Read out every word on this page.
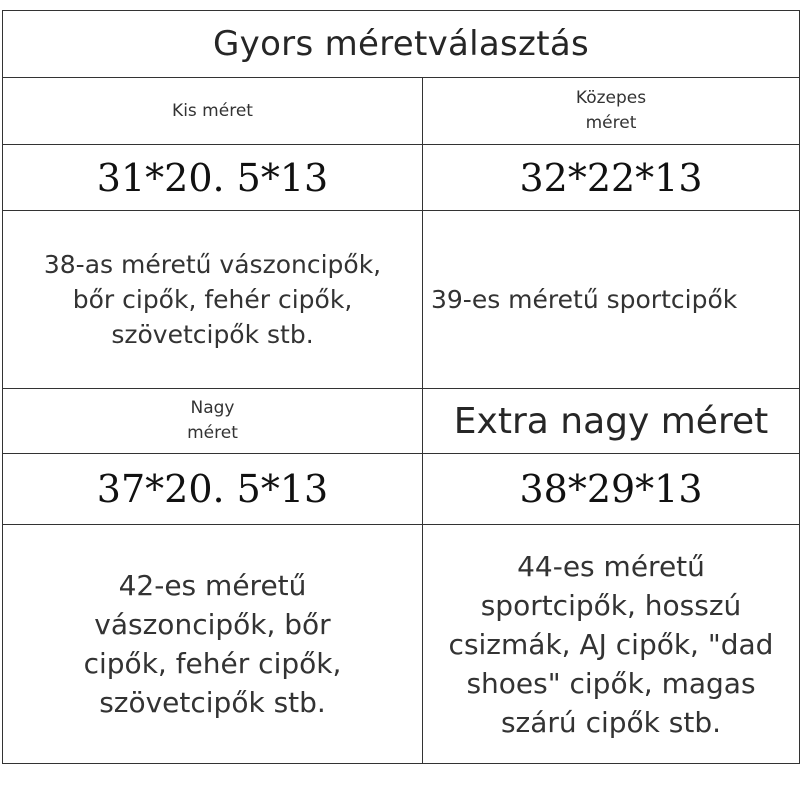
Gyors méretválasztás	
Kis méret	Közepes méret
31*20. 5*13	32*22*13
38-as méretű vászoncipők, bőr cipők, fehér cipők, szövetcipők stb.	39-es méretű sportcipők
Nagy méret	Extra nagy méret
37*20. 5*13	38*29*13
42-es méretű vászoncipők, bőr cipők, fehér cipők, szövetcipők stb.	44-es méretű sportcipők, hosszú csizmák, AJ cipők, "dad shoes" cipők, magas szárú cipők stb.
